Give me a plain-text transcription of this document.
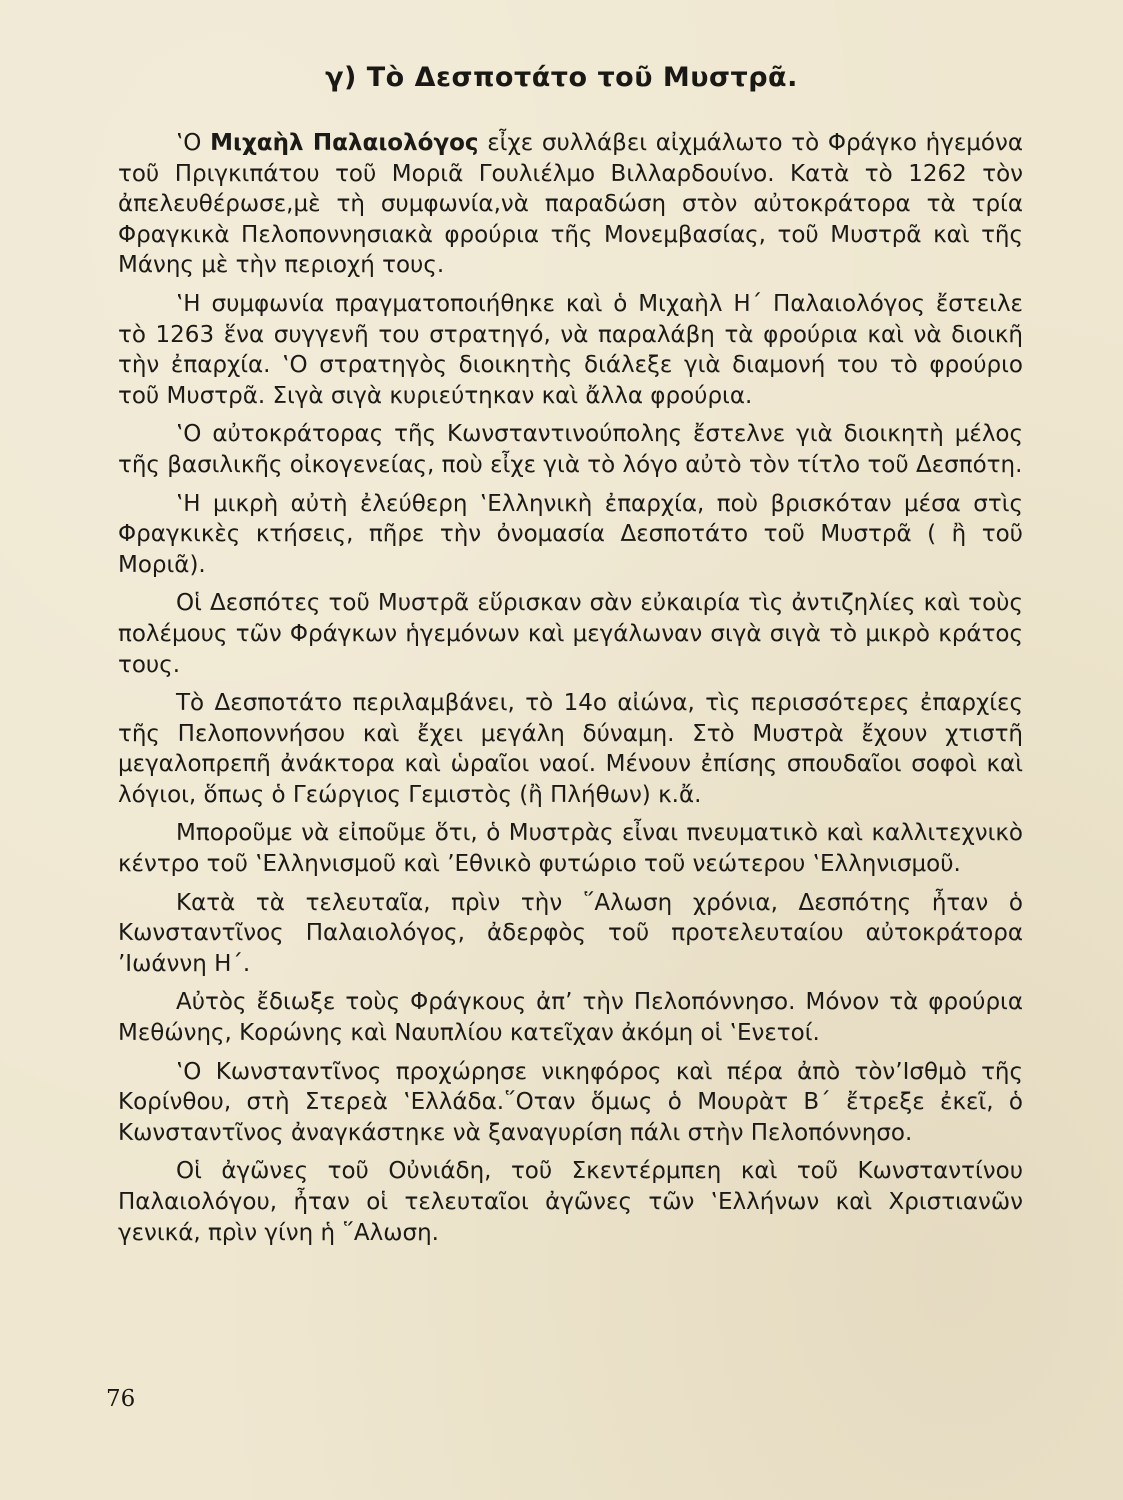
γ) Τὸ Δεσποτάτο τοῦ Μυστρᾶ.

‛Ο Μιχαὴλ Παλαιολόγος εἶχε συλλάβει αἰχμάλωτο τὸ Φράγκο ἡγεμόνα τοῦ Πριγκιπάτου τοῦ Μοριᾶ Γουλιέλμο Βιλλαρδουίνο. Κατὰ τὸ 1262 τὸν ἀπελευθέρωσε,μὲ τὴ συμφωνία,νὰ παραδώση στὸν αὐτοκράτορα τὰ τρία Φραγκικὰ Πελοποννησιακὰ φρούρια τῆς Μονεμβασίας, τοῦ Μυστρᾶ καὶ τῆς Μάνης μὲ τὴν περιοχή τους.

‛Η συμφωνία πραγματοποιήθηκε καὶ ὁ Μιχαὴλ Η΄ Παλαιολόγος ἔστειλε τὸ 1263 ἕνα συγγενῆ του στρατηγό, νὰ παραλάβη τὰ φρούρια καὶ νὰ διοικῆ τὴν ἐπαρχία. ‛Ο στρατηγὸς διοικητὴς διάλεξε γιὰ διαμονή του τὸ φρούριο τοῦ Μυστρᾶ. Σιγὰ σιγὰ κυριεύτηκαν καὶ ἄλλα φρούρια.

‛Ο αὐτοκράτορας τῆς Κωνσταντινούπολης ἔστελνε γιὰ διοικητὴ μέλος τῆς βασιλικῆς οἰκογενείας, ποὺ εἶχε γιὰ τὸ λόγο αὐτὸ τὸν τίτλο τοῦ Δεσπότη.

‛Η μικρὴ αὐτὴ ἐλεύθερη ‛Ελληνικὴ ἐπαρχία, ποὺ βρισκόταν μέσα στὶς Φραγκικὲς κτήσεις, πῆρε τὴν ὀνομασία Δεσποτάτο τοῦ Μυστρᾶ ( ἢ τοῦ Μοριᾶ).

Οἱ Δεσπότες τοῦ Μυστρᾶ εὕρισκαν σὰν εὐκαιρία τὶς ἀντιζηλίες καὶ τοὺς πολέμους τῶν Φράγκων ἡγεμόνων καὶ μεγάλωναν σιγὰ σιγὰ τὸ μικρὸ κράτος τους.

Τὸ Δεσποτάτο περιλαμβάνει, τὸ 14ο αἰώνα, τὶς περισσότερες ἐπαρχίες τῆς Πελοποννήσου καὶ ἔχει μεγάλη δύναμη. Στὸ Μυστρὰ ἔχουν χτιστῆ μεγαλοπρεπῆ ἀνάκτορα καὶ ὡραῖοι ναοί. Μένουν ἐπίσης σπουδαῖοι σοφοὶ καὶ λόγιοι, ὅπως ὁ Γεώργιος Γεμιστὸς (ἢ Πλήθων) κ.ἄ.

Μποροῦμε νὰ εἰποῦμε ὅτι, ὁ Μυστρὰς εἶναι πνευματικὸ καὶ καλλιτεχνικὸ κέντρο τοῦ ‛Ελληνισμοῦ καὶ ’Εθνικὸ φυτώριο τοῦ νεώτερου ‛Ελληνισμοῦ.

Κατὰ τὰ τελευταῖα, πρὶν τὴν ῞Αλωση χρόνια, Δεσπότης ἦταν ὁ Κωνσταντῖνος Παλαιολόγος, ἀδερφὸς τοῦ προτελευταίου αὐτοκράτορα ’Ιωάννη Η΄.

Αὐτὸς ἔδιωξε τοὺς Φράγκους ἀπ’ τὴν Πελοπόννησο. Μόνον τὰ φρούρια Μεθώνης, Κορώνης καὶ Ναυπλίου κατεῖχαν ἀκόμη οἱ ‛Ενετοί.

‛Ο Κωνσταντῖνος προχώρησε νικηφόρος καὶ πέρα ἀπὸ τὸν’Ισθμὸ τῆς Κορίνθου, στὴ Στερεὰ ‛Ελλάδα.῞Οταν ὅμως ὁ Μουρὰτ Β΄ ἔτρεξε ἐκεῖ, ὁ Κωνσταντῖνος ἀναγκάστηκε νὰ ξαναγυρίση πάλι στὴν Πελοπόννησο.

Οἱ ἀγῶνες τοῦ Οὐνιάδη, τοῦ Σκεντέρμπεη καὶ τοῦ Κωνσταντίνου Παλαιολόγου, ἦταν οἱ τελευταῖοι ἀγῶνες τῶν ‛Ελλήνων καὶ Χριστιανῶν γενικά, πρὶν γίνη ἡ ῞Αλωση.

76
